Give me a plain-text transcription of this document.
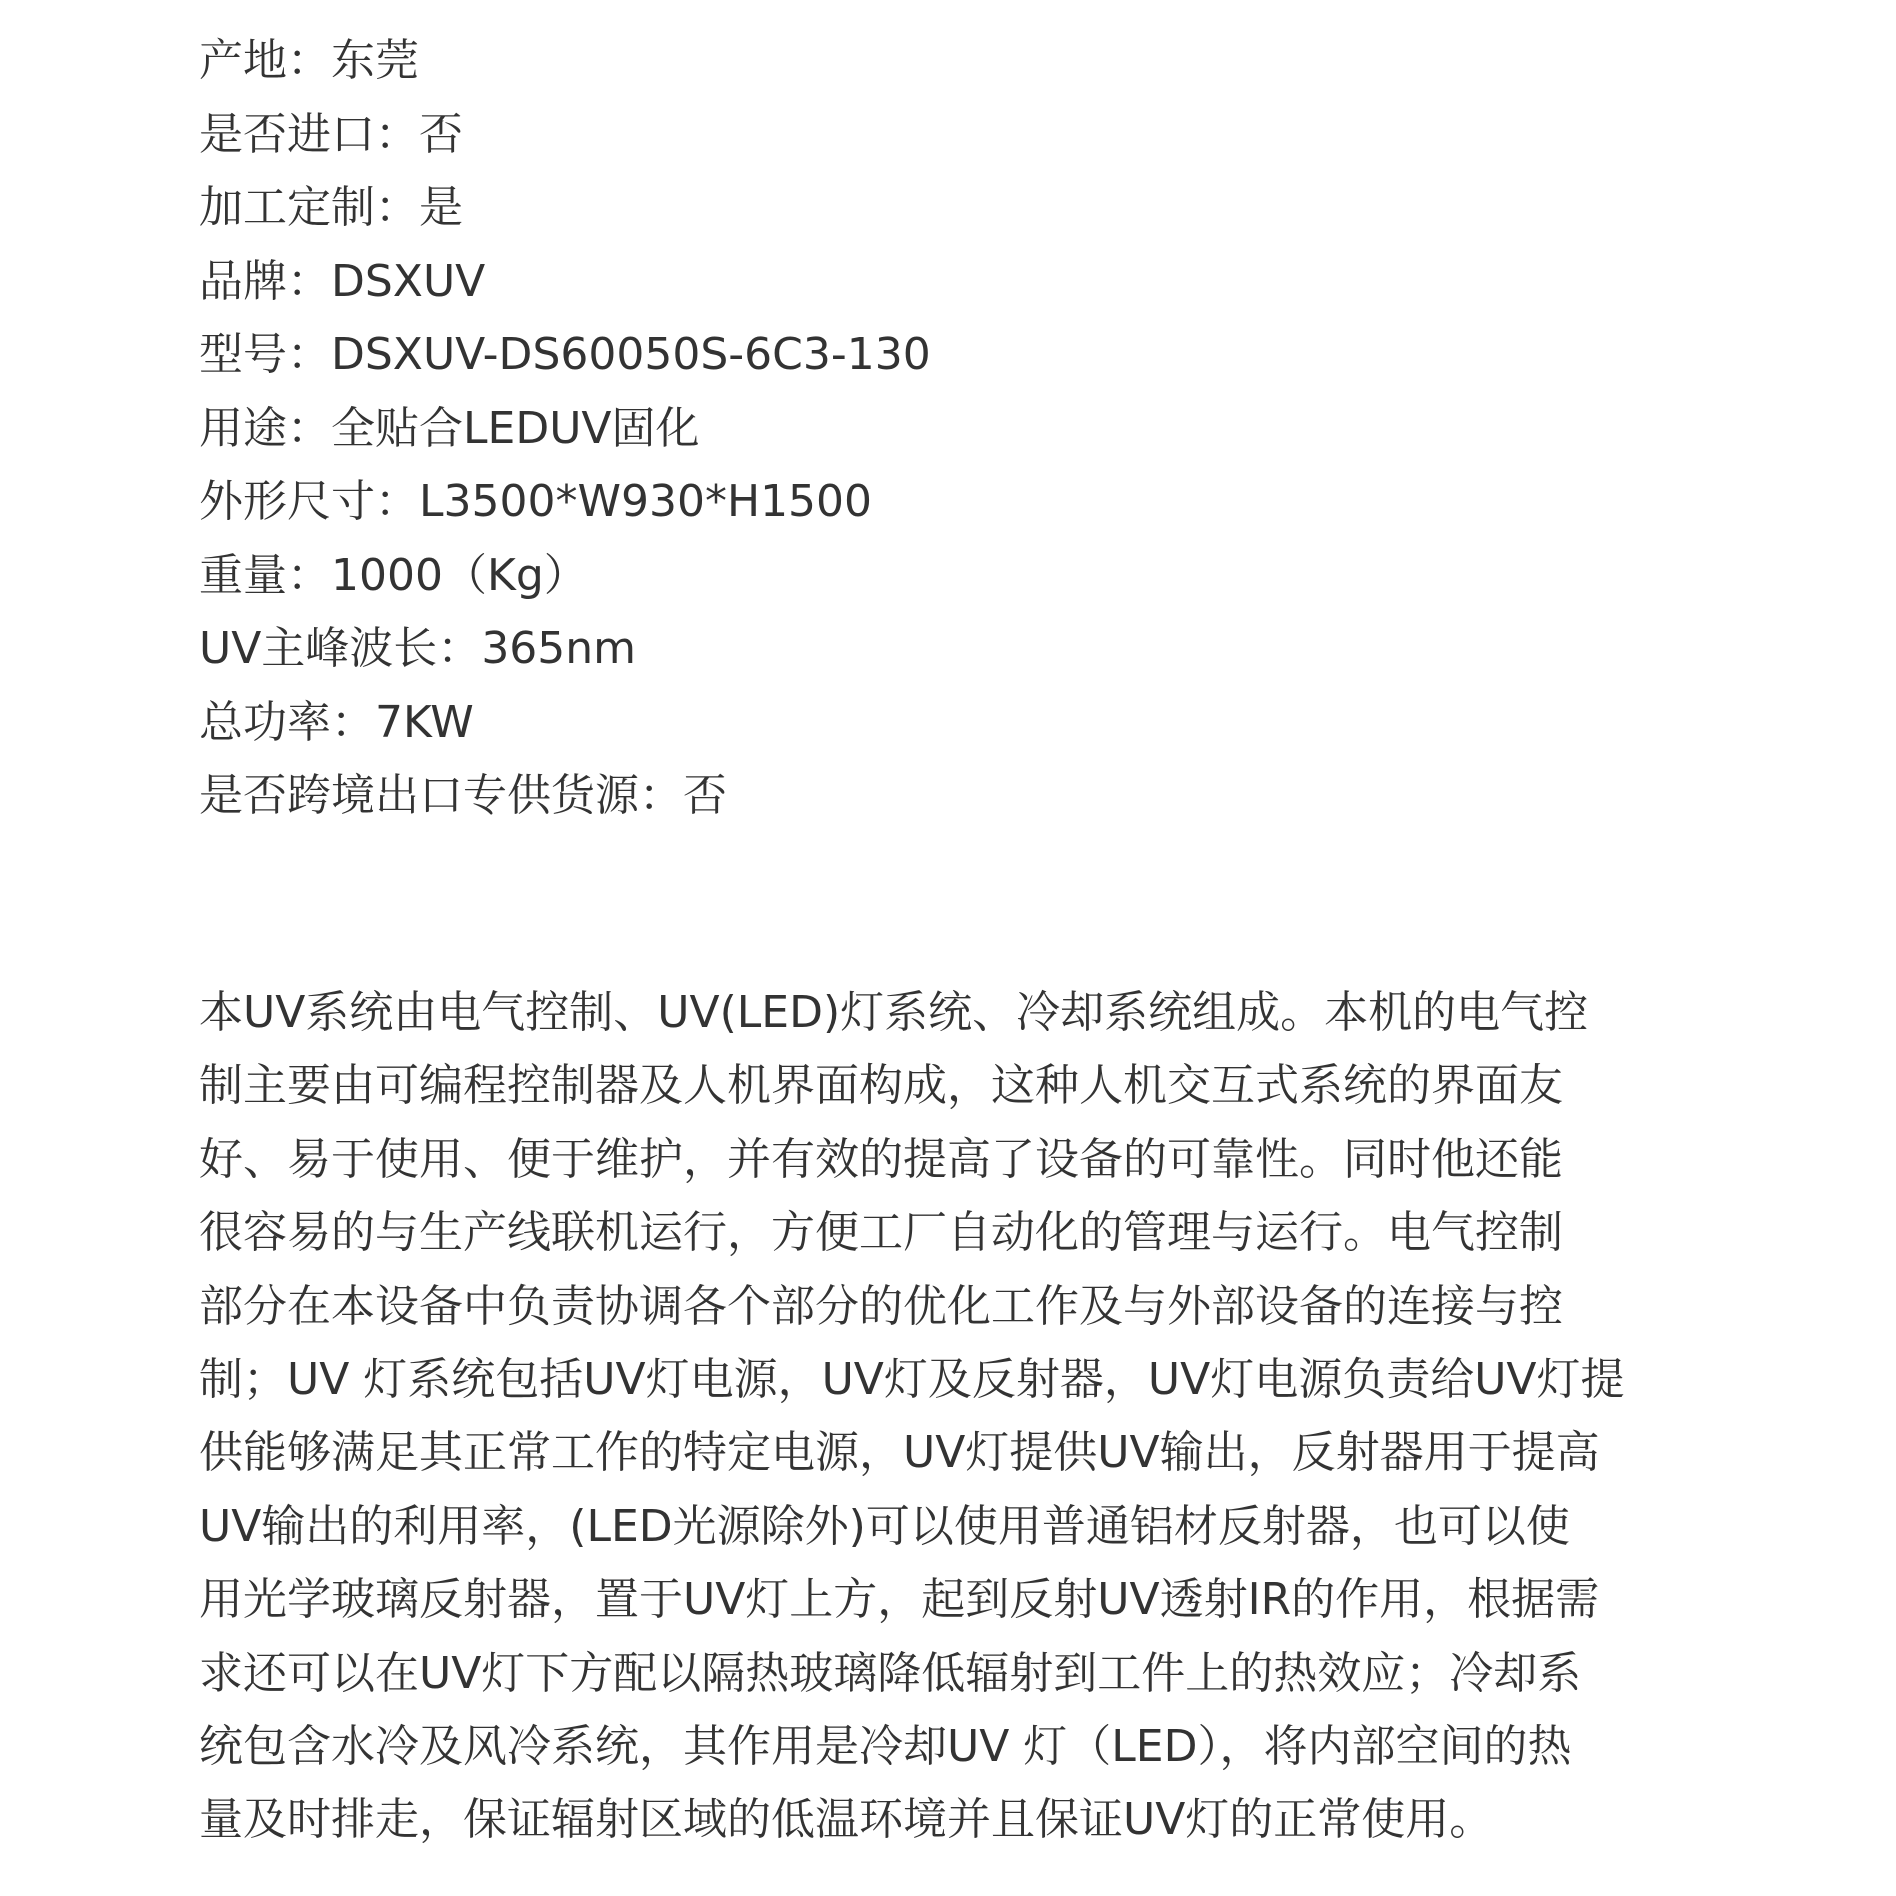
产地：东莞
是否进口：否
加工定制：是
品牌：DSXUV
型号：DSXUV-DS60050S-6C3-130
用途：全贴合LEDUV固化
外形尺寸：L3500*W930*H1500
重量：1000（Kg）
UV主峰波长：365nm
总功率：7KW
是否跨境出口专供货源：否
本UV系统由电气控制、UV(LED)灯系统、冷却系统组成。本机的电气控
制主要由可编程控制器及人机界面构成，这种人机交互式系统的界面友
好、易于使用、便于维护，并有效的提高了设备的可靠性。同时他还能
很容易的与生产线联机运行，方便工厂自动化的管理与运行。电气控制
部分在本设备中负责协调各个部分的优化工作及与外部设备的连接与控
制；UV 灯系统包括UV灯电源，UV灯及反射器，UV灯电源负责给UV灯提
供能够满足其正常工作的特定电源，UV灯提供UV输出，反射器用于提高
UV输出的利用率，(LED光源除外)可以使用普通铝材反射器，也可以使
用光学玻璃反射器，置于UV灯上方，起到反射UV透射IR的作用，根据需
求还可以在UV灯下方配以隔热玻璃降低辐射到工件上的热效应；冷却系
统包含水冷及风冷系统，其作用是冷却UV 灯（LED），将内部空间的热
量及时排走，保证辐射区域的低温环境并且保证UV灯的正常使用。
